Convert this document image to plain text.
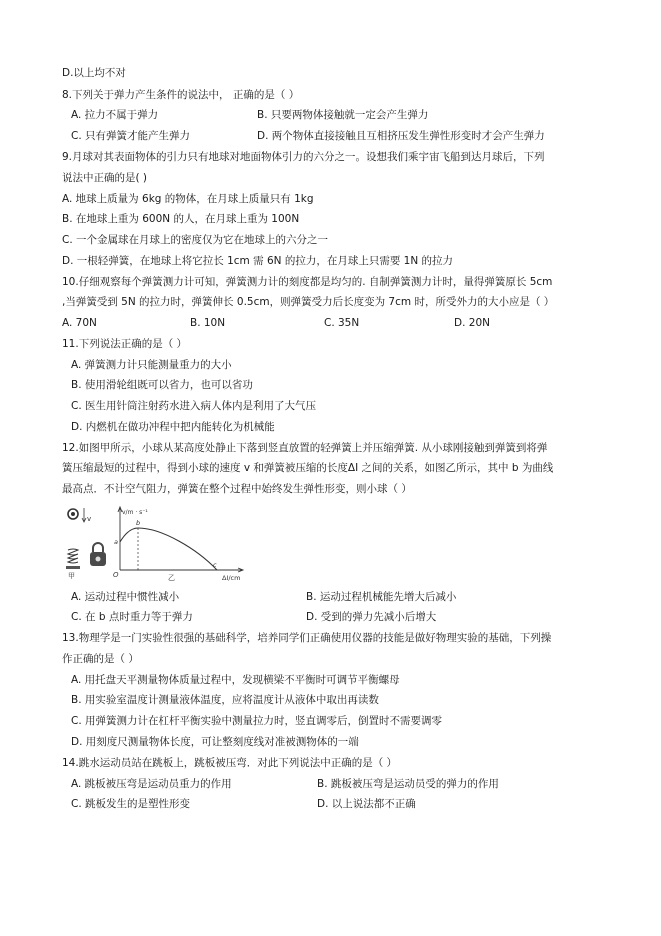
D.以上均不对
8.下列关于弹力产生条件的说法中， 正确的是（ ）
A. 拉力不属于弹力	B. 只要两物体接触就一定会产生弹力
C. 只有弹簧才能产生弹力	D. 两个物体直接接触且互相挤压发生弹性形变时才会产生弹力
9.月球对其表面物体的引力只有地球对地面物体引力的六分之一。设想我们乘宇宙飞船到达月球后，下列
说法中正确的是( )
A. 地球上质量为 6kg 的物体，在月球上质量只有 1kg
B. 在地球上重为 600N 的人，在月球上重为 100N
C. 一个金属球在月球上的密度仅为它在地球上的六分之一
D. 一根轻弹簧，在地球上将它拉长 1cm 需 6N 的拉力，在月球上只需要 1N 的拉力
10.仔细观察每个弹簧测力计可知，弹簧测力计的刻度都是均匀的. 自制弹簧测力计时，量得弹簧原长 5cm
,当弹簧受到 5N 的拉力时，弹簧伸长 0.5cm，则弹簧受力后长度变为 7cm 时，所受外力的大小应是（ ）
A. 70N	B. 10N	C. 35N	D. 20N
11.下列说法正确的是（ ）
A. 弹簧测力计只能测量重力的大小
B. 使用滑轮组既可以省力，也可以省功
C. 医生用针筒注射药水进入病人体内是利用了大气压
D. 内燃机在做功冲程中把内能转化为机械能
12.如图甲所示，小球从某高度处静止下落到竖直放置的轻弹簧上并压缩弹簧. 从小球刚接触到弹簧到将弹
簧压缩最短的过程中，得到小球的速度 v 和弹簧被压缩的长度ΔI 之间的关系，如图乙所示，其中 b 为曲线
最高点．不计空气阻力，弹簧在整个过程中始终发生弹性形变，则小球（ ）
v
甲
v/m · s⁻¹
ΔI/cm
O
a
b
c
乙
A. 运动过程中惯性减小	B. 运动过程机械能先增大后减小
C. 在 b 点时重力等于弹力	D. 受到的弹力先减小后增大
13.物理学是一门实验性很强的基础科学，培养同学们正确使用仪器的技能是做好物理实验的基础，下列操
作正确的是（ ）
A. 用托盘天平测量物体质量过程中，发现横梁不平衡时可调节平衡螺母
B. 用实验室温度计测量液体温度，应将温度计从液体中取出再读数
C. 用弹簧测力计在杠杆平衡实验中测量拉力时，竖直调零后，倒置时不需要调零
D. 用刻度尺测量物体长度，可让整刻度线对准被测物体的一端
14.跳水运动员站在跳板上，跳板被压弯．对此下列说法中正确的是（ ）
A. 跳板被压弯是运动员重力的作用	B. 跳板被压弯是运动员受的弹力的作用
C. 跳板发生的是塑性形变	D. 以上说法都不正确
